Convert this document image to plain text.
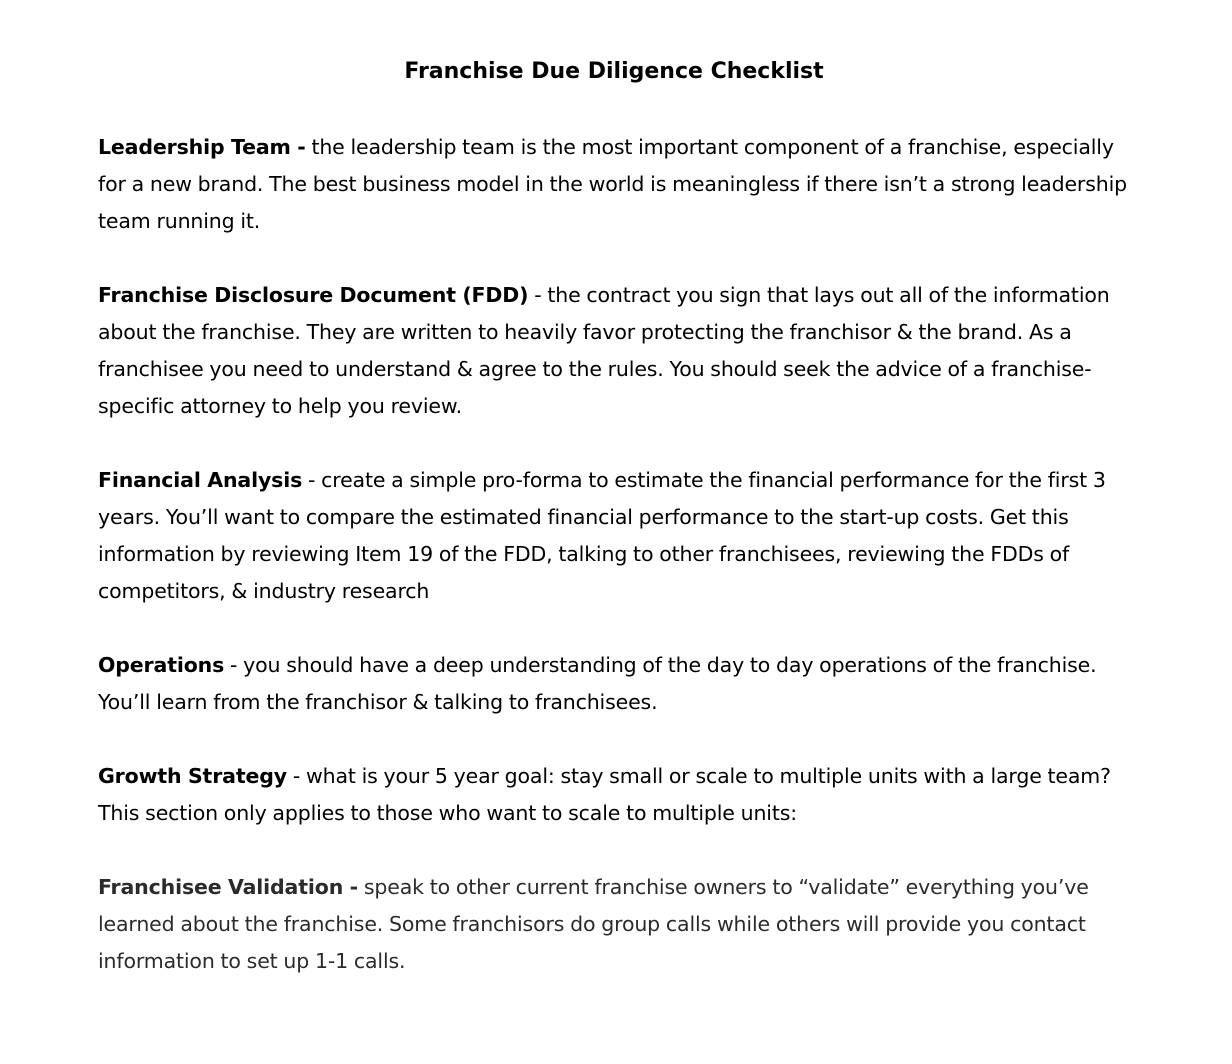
Franchise Due Diligence Checklist

Leadership Team - the leadership team is the most important component of a franchise, especially for a new brand. The best business model in the world is meaningless if there isn’t a strong leadership team running it.

Franchise Disclosure Document (FDD) - the contract you sign that lays out all of the information about the franchise. They are written to heavily favor protecting the franchisor & the brand. As a franchisee you need to understand & agree to the rules. You should seek the advice of a franchise-specific attorney to help you review.

Financial Analysis - create a simple pro-forma to estimate the financial performance for the first 3 years. You’ll want to compare the estimated financial performance to the start-up costs. Get this information by reviewing Item 19 of the FDD, talking to other franchisees, reviewing the FDDs of competitors, & industry research

Operations - you should have a deep understanding of the day to day operations of the franchise. You’ll learn from the franchisor & talking to franchisees.

Growth Strategy - what is your 5 year goal: stay small or scale to multiple units with a large team? This section only applies to those who want to scale to multiple units:

Franchisee Validation - speak to other current franchise owners to “validate” everything you’ve learned about the franchise. Some franchisors do group calls while others will provide you contact information to set up 1-1 calls.
